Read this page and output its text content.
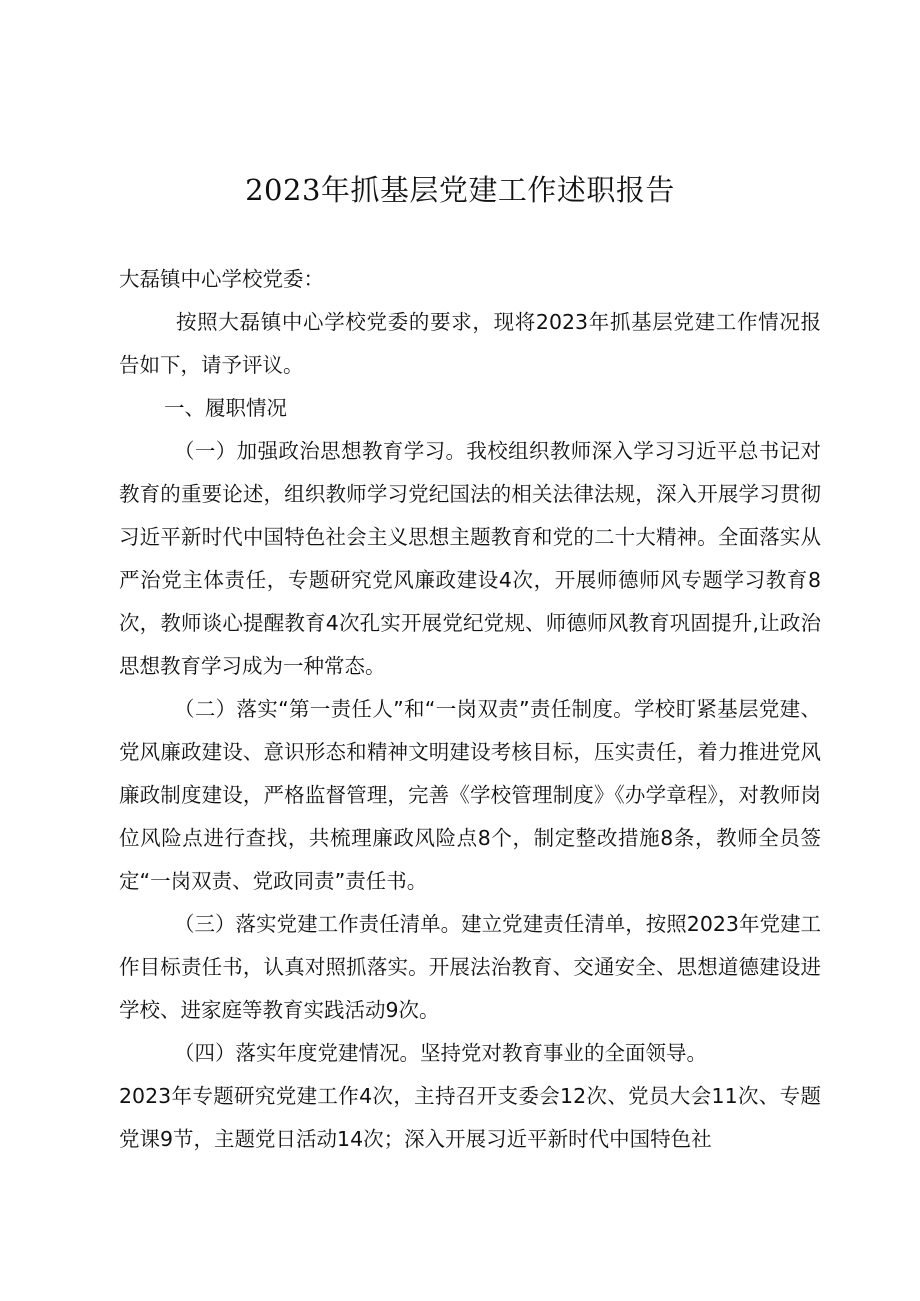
2023年抓基层党建工作述职报告

大磊镇中心学校党委：

按照大磊镇中心学校党委的要求，现将2023年抓基层党建工作情况报告如下，请予评议。

一、履职情况

（一）加强政治思想教育学习。我校组织教师深入学习习近平总书记对教育的重要论述，组织教师学习党纪国法的相关法律法规，深入开展学习贯彻习近平新时代中国特色社会主义思想主题教育和党的二十大精神。全面落实从严治党主体责任，专题研究党风廉政建设4次，开展师德师风专题学习教育8次，教师谈心提醒教育4次孔实开展党纪党规、师德师风教育巩固提升,让政治思想教育学习成为一种常态。

（二）落实“第一责任人”和“一岗双责”责任制度。学校盯紧基层党建、党风廉政建设、意识形态和精神文明建设考核目标，压实责任，着力推进党风廉政制度建设，严格监督管理，完善《学校管理制度》《办学章程》，对教师岗位风险点进行查找，共梳理廉政风险点8个，制定整改措施8条，教师全员签定“一岗双责、党政同责”责任书。

（三）落实党建工作责任清单。建立党建责任清单，按照2023年党建工作目标责任书，认真对照抓落实。开展法治教育、交通安全、思想道德建设进学校、进家庭等教育实践活动9次。

（四）落实年度党建情况。坚持党对教育事业的全面领导。

2023年专题研究党建工作4次，主持召开支委会12次、党员大会11次、专题党课9节，主题党日活动14次；深入开展习近平新时代中国特色社
